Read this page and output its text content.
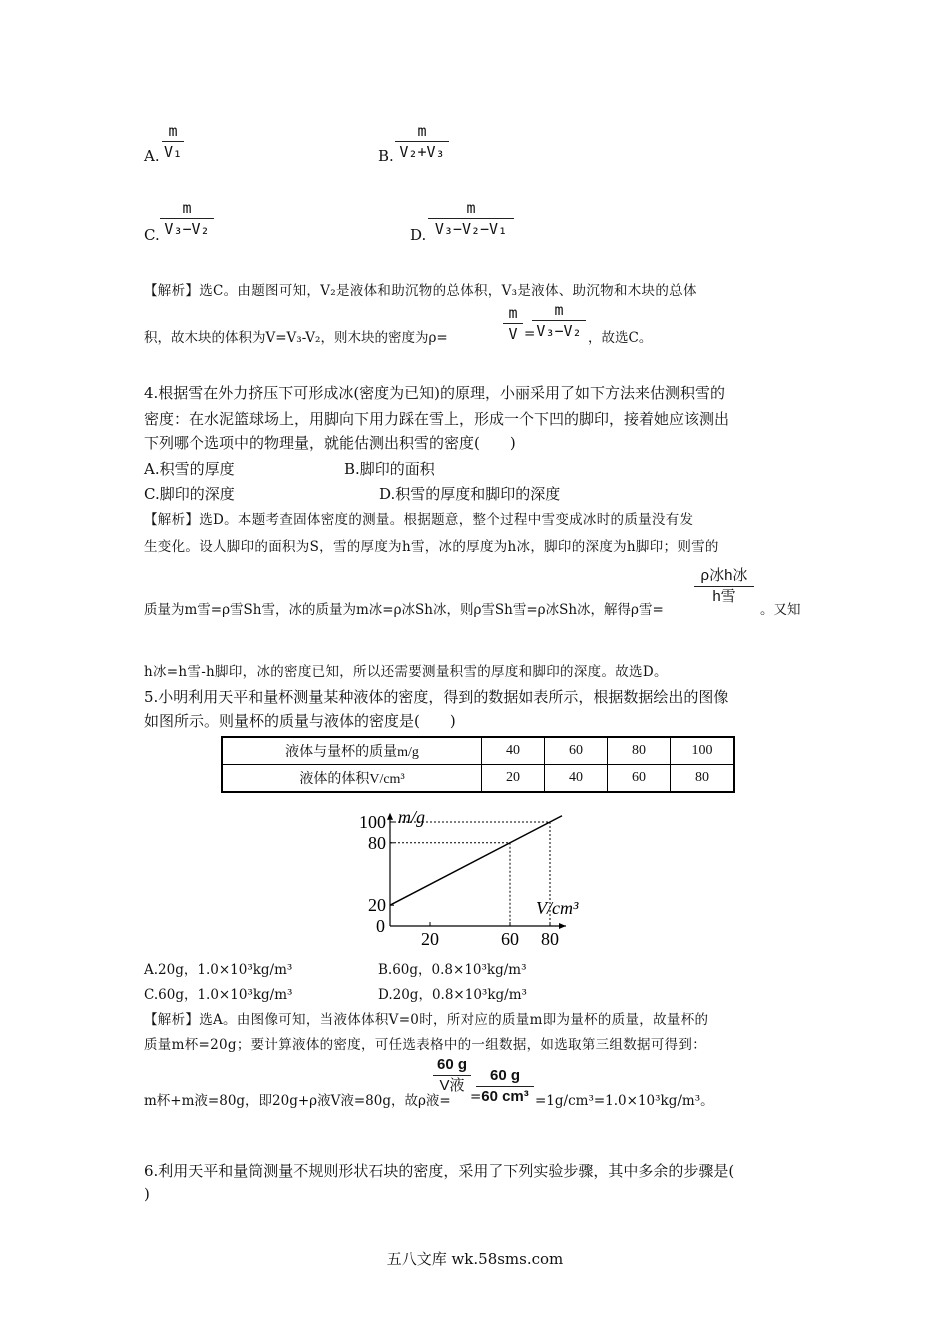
A.
m
V₁	B.
m
V₂+V₃
C.
m
V₃−V₂	D.
m
V₃−V₂−V₁
【解析】选C。由题图可知，V₂是液体和助沉物的总体积，V₃是液体、助沉物和木块的总体
积，故木块的体积为V=V₃-V₂，则木块的密度为ρ=
m
V =
m
V₃−V₂ ，故选C。
4.根据雪在外力挤压下可形成冰(密度为已知)的原理，小丽采用了如下方法来估测积雪的
密度：在水泥篮球场上，用脚向下用力踩在雪上，形成一个下凹的脚印，接着她应该测出
下列哪个选项中的物理量，就能估测出积雪的密度(　　)
A.积雪的厚度	B.脚印的面积
C.脚印的深度	D.积雪的厚度和脚印的深度
【解析】选D。本题考查固体密度的测量。根据题意，整个过程中雪变成冰时的质量没有发
生变化。设人脚印的面积为S，雪的厚度为h雪，冰的厚度为h冰，脚印的深度为h脚印；则雪的
质量为m雪=ρ雪Sh雪，冰的质量为m冰=ρ冰Sh冰，则ρ雪Sh雪=ρ冰Sh冰，解得ρ雪=
ρ冰h冰
h雪
。又知
h冰=h雪-h脚印，冰的密度已知，所以还需要测量积雪的厚度和脚印的深度。故选D。
5.小明利用天平和量杯测量某种液体的密度，得到的数据如表所示，根据数据绘出的图像
如图所示。则量杯的质量与液体的密度是(　　)
液体与量杯的质量m/g	40	60	80	100
液体的体积V/cm³	20	40	60	80
m/g
V/cm³
0
20
80
100
20	60 80
A.20g，1.0×10³kg/m³	B.60g，0.8×10³kg/m³
C.60g，1.0×10³kg/m³	D.20g，0.8×10³kg/m³
【解析】选A。由图像可知，当液体体积V=0时，所对应的质量m即为量杯的质量，故量杯的
质量m杯=20g；要计算液体的密度，可任选表格中的一组数据，如选取第三组数据可得到：
m杯+m液=80g，即20g+ρ液V液=80g，故ρ液=
60 g
V液
=
60 g
60 cm³ =1g/cm³=1.0×10³kg/m³。
6.利用天平和量筒测量不规则形状石块的密度，采用了下列实验步骤，其中多余的步骤是(
)
五八文库 wk.58sms.com
